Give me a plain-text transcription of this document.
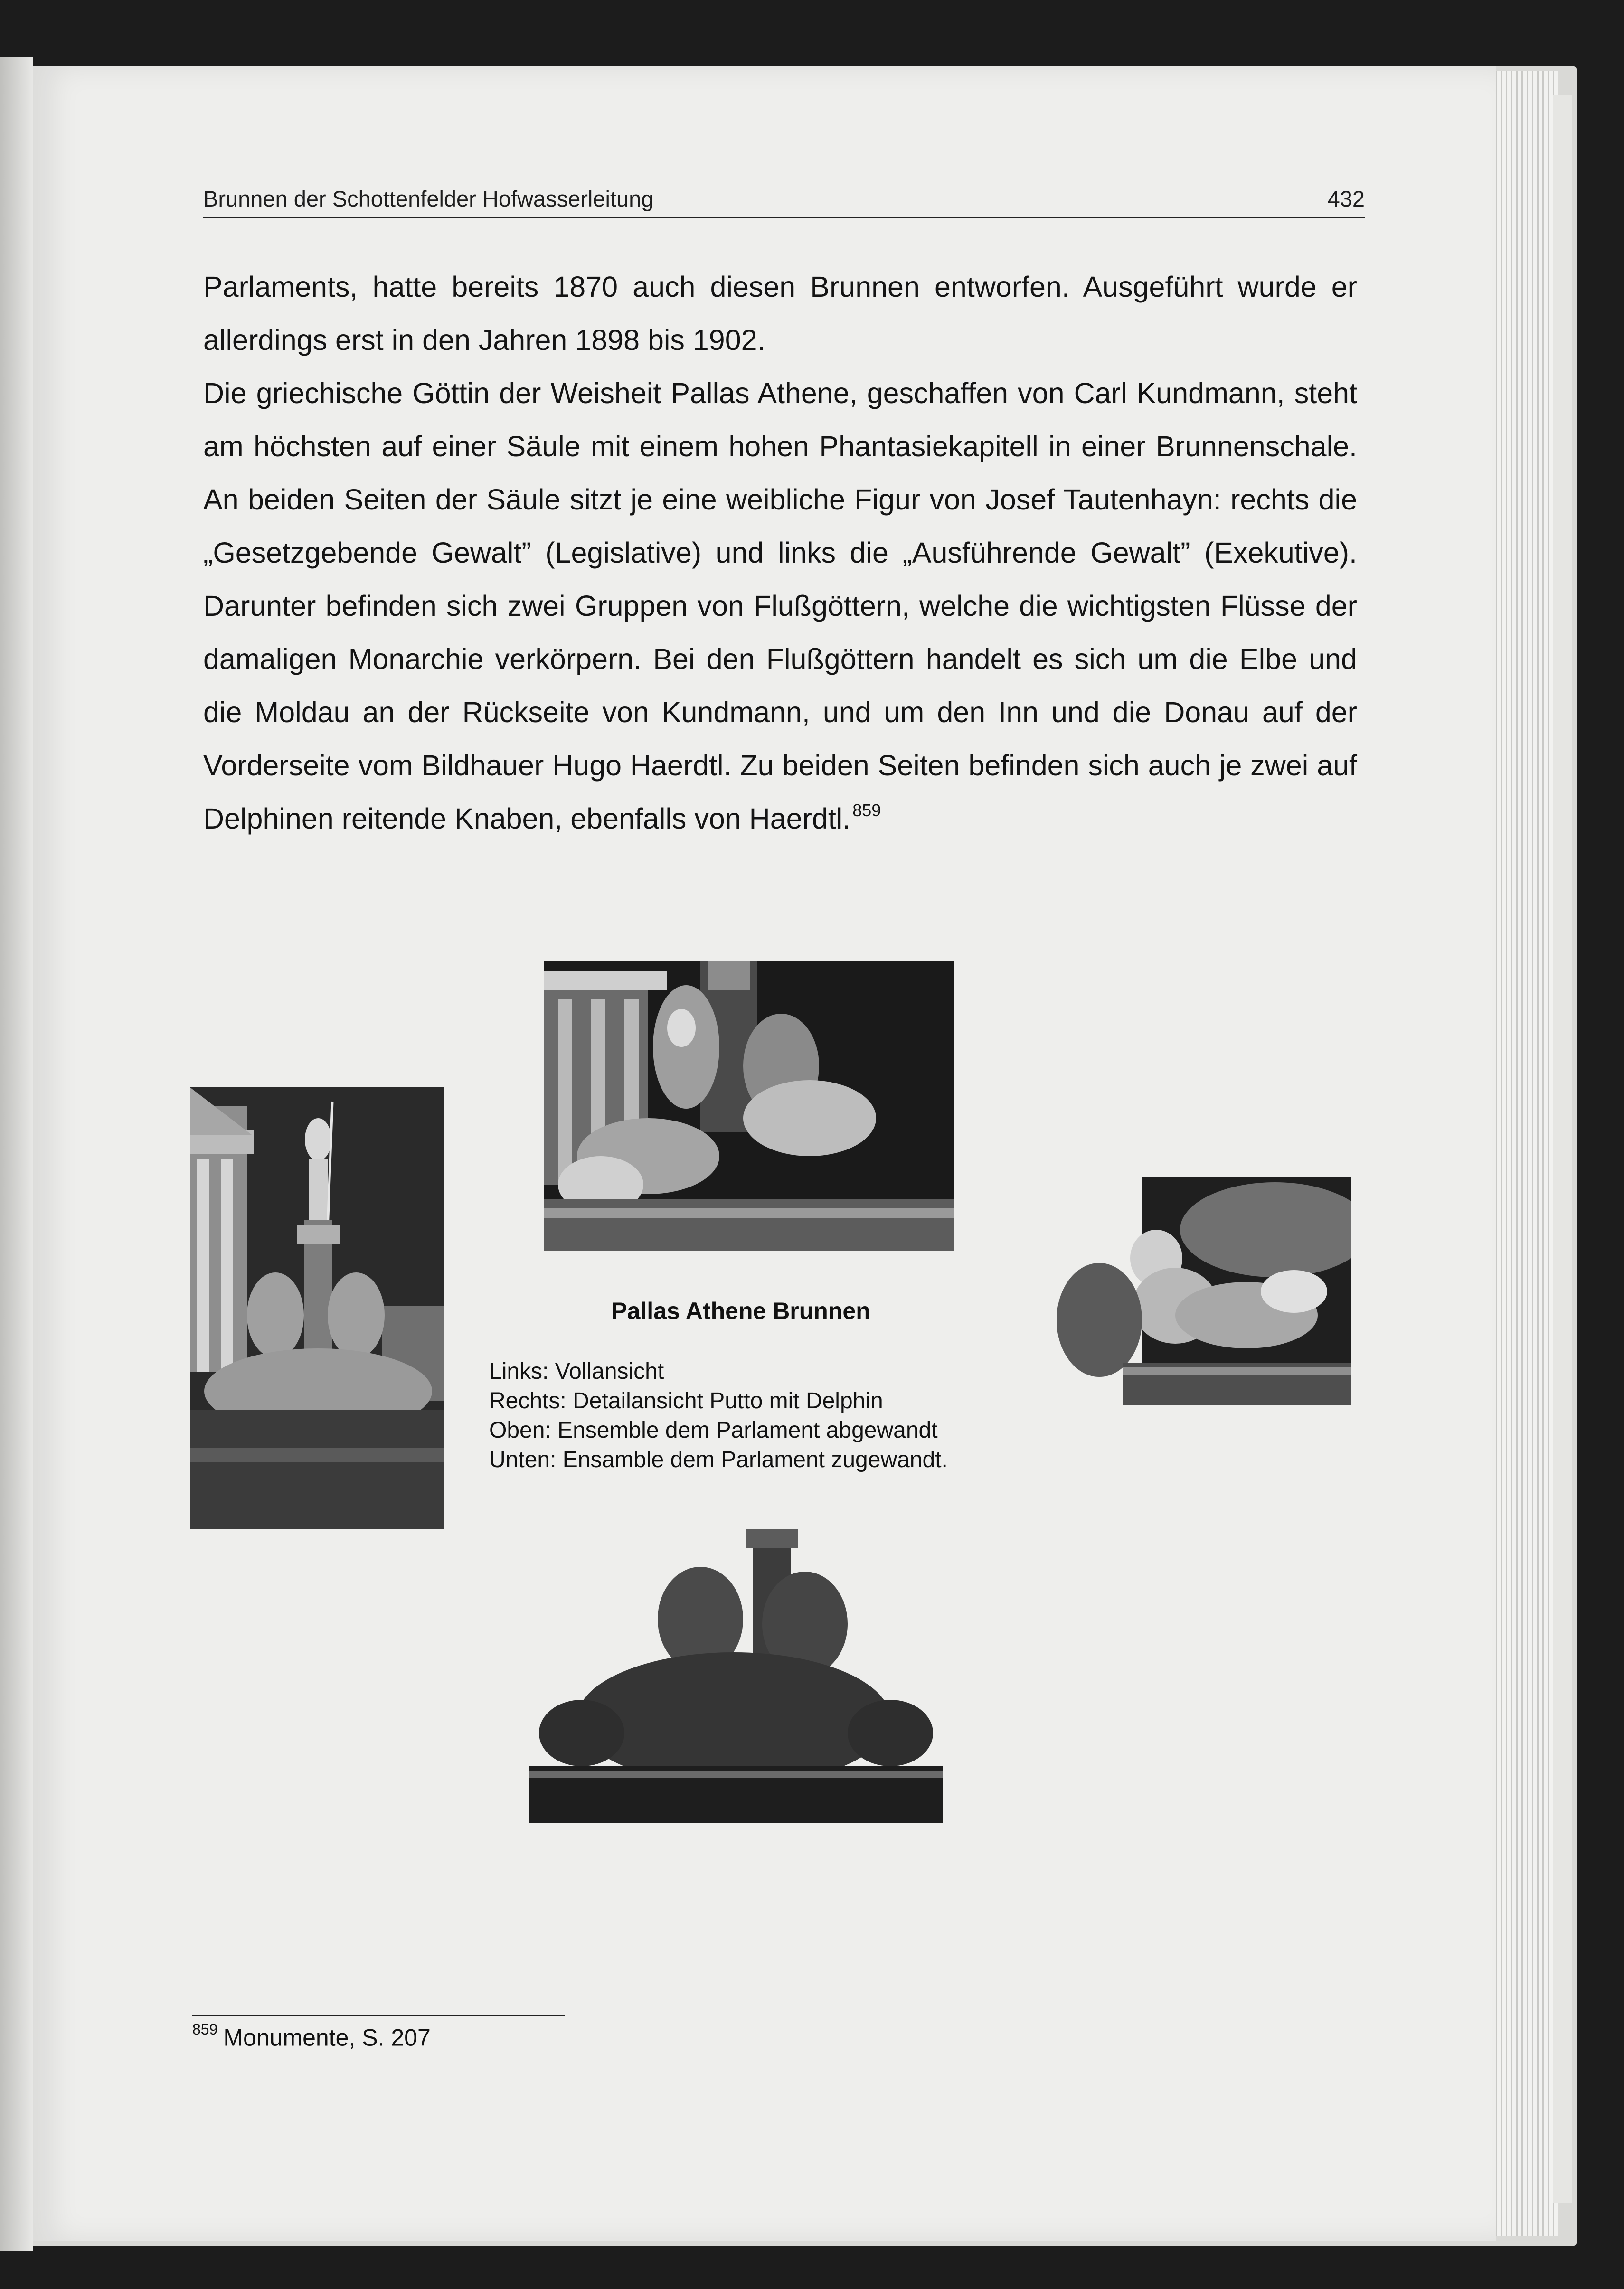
Brunnen der Schottenfelder Hofwasserleitung	432

Parlaments, hatte bereits 1870 auch diesen Brunnen entworfen. Ausgeführt wurde er allerdings erst in den Jahren 1898 bis 1902.

Die griechische Göttin der Weisheit Pallas Athene, geschaffen von Carl Kundmann, steht am höchsten auf einer Säule mit einem hohen Phantasiekapitell in einer Brunnenschale. An beiden Seiten der Säule sitzt je eine weibliche Figur von Josef Tautenhayn: rechts die „Gesetzgebende Gewalt” (Legislative) und links die „Ausführende Gewalt” (Exekutive). Darunter befinden sich zwei Gruppen von Flußgöttern, welche die wichtigsten Flüsse der damaligen Monarchie verkörpern. Bei den Flußgöttern handelt es sich um die Elbe und die Moldau an der Rückseite von Kundmann, und um den Inn und die Donau auf der Vorderseite vom Bildhauer Hugo Haerdtl. Zu beiden Seiten befinden sich auch je zwei auf Delphinen reitende Knaben, ebenfalls von Haerdtl. $^{859}$

Pallas Athene Brunnen
Links: Vollansicht
Rechts: Detailansicht Putto mit Delphin
Oben: Ensemble dem Parlament abgewandt
Unten: Ensamble dem Parlament zugewandt.
$^{859}$ Monumente, S. 207
